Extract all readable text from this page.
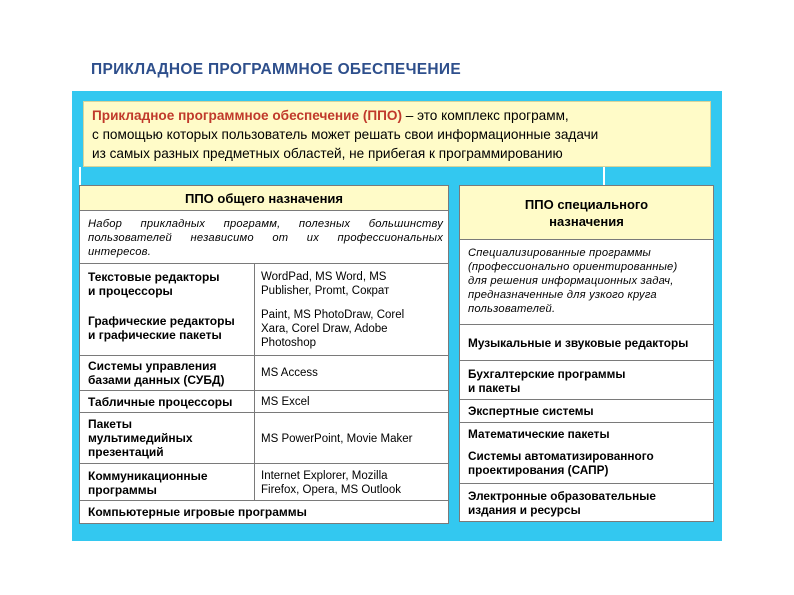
ПРИКЛАДНОЕ ПРОГРАММНОЕ ОБЕСПЕЧЕНИЕ
Прикладное программное обеспечение (ППО) – это комплекс программ,
с помощью которых пользователь может решать свои информационные задачи
из самых разных предметных областей, не прибегая к программированию
ППО общего назначения
Набор прикладных программ, полезных большинству
пользователей независимо от их профессиональных
интересов.
Текстовые редакторы
и процессоры
Графические редакторы
и графические пакеты
WordPad, MS Word, MS
Publisher, Promt, Сократ
Paint, MS PhotoDraw, Corel
Xara, Corel Draw, Adobe
Photoshop
Системы управления
базами данных (СУБД)	MS Access
Табличные процессоры MS Excel
Пакеты
мультимедийных
презентаций
MS PowerPoint, Movie Maker
Коммуникационные
программы
Internet Explorer, Mozilla
Firefox, Opera, MS Outlook
Компьютерные игровые программы
ППО специального
назначения
Специализированные программы
(профессионально ориентированные)
для решения информационных задач,
предназначенные для узкого круга
пользователей.
Музыкальные и звуковые редакторы
Бухгалтерские программы
и пакеты
Экспертные системы
Математические пакеты
Системы автоматизированного
проектирования (САПР)
Электронные образовательные
издания и ресурсы
